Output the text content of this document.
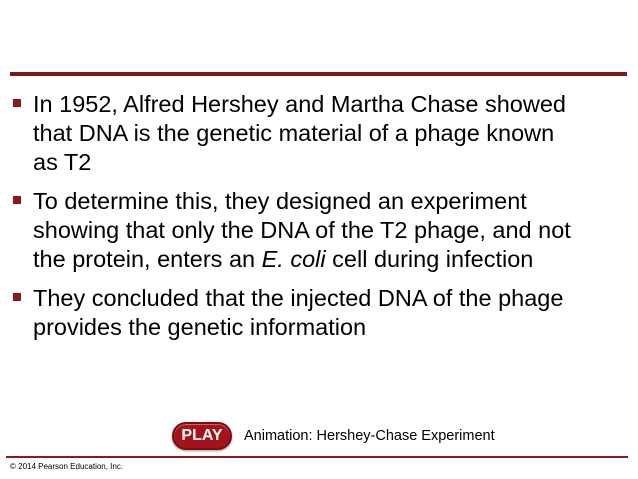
In 1952, Alfred Hershey and Martha Chase showed
that DNA is the genetic material of a phage known
as T2
To determine this, they designed an experiment
showing that only the DNA of the T2 phage, and not
the protein, enters an E. coli cell during infection
They concluded that the injected DNA of the phage
provides the genetic information
PLAY	Animation: Hershey-Chase Experiment
© 2014 Pearson Education, Inc.
